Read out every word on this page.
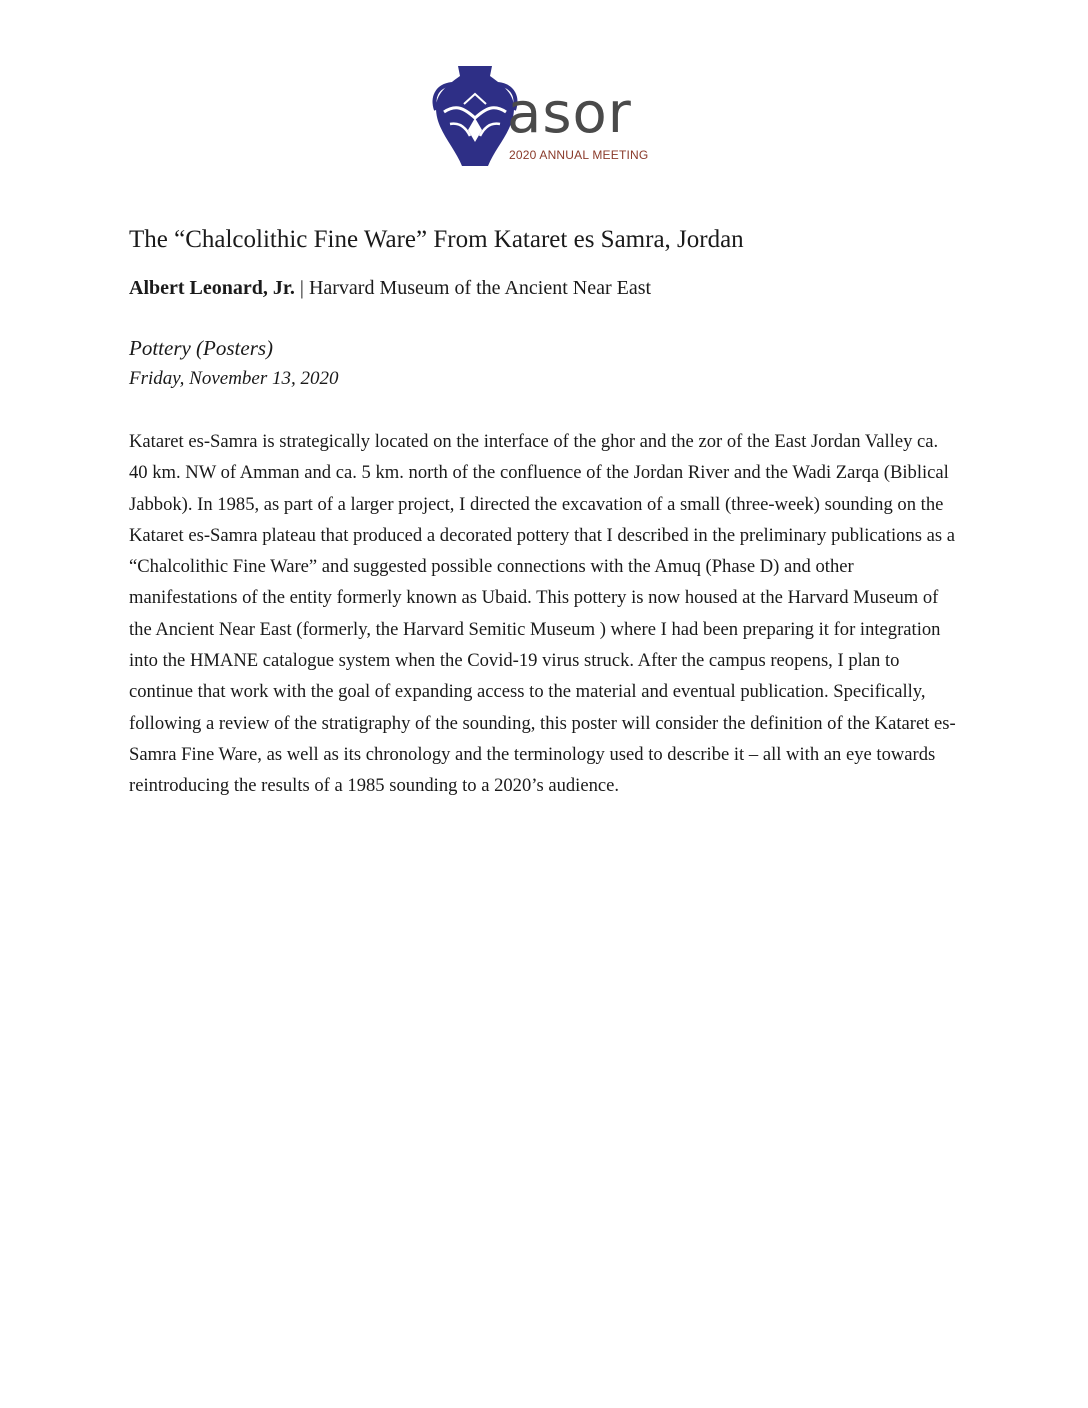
asor
2020 ANNUAL MEETING
The “Chalcolithic Fine Ware” From Kataret es Samra, Jordan
Albert Leonard, Jr. | Harvard Museum of the Ancient Near East
Pottery (Posters)
Friday, November 13, 2020

Kataret es-Samra is strategically located on the interface of the ghor and the zor of the East Jordan Valley ca. 40 km. NW of Amman and ca. 5 km. north of the confluence of the Jordan River and the Wadi Zarqa (Biblical Jabbok). In 1985, as part of a larger project, I directed the excavation of a small (three-week) sounding on the Kataret es-Samra plateau that produced a decorated pottery that I described in the preliminary publications as a “Chalcolithic Fine Ware” and suggested possible connections with the Amuq (Phase D) and other manifestations of the entity formerly known as Ubaid. This pottery is now housed at the Harvard Museum of the Ancient Near East (formerly, the Harvard Semitic Museum ) where I had been preparing it for integration into the HMANE catalogue system when the Covid-19 virus struck. After the campus reopens, I plan to continue that work with the goal of expanding access to the material and eventual publication. Specifically, following a review of the stratigraphy of the sounding, this poster will consider the definition of the Kataret es-Samra Fine Ware, as well as its chronology and the terminology used to describe it – all with an eye towards reintroducing the results of a 1985 sounding to a 2020’s audience.
